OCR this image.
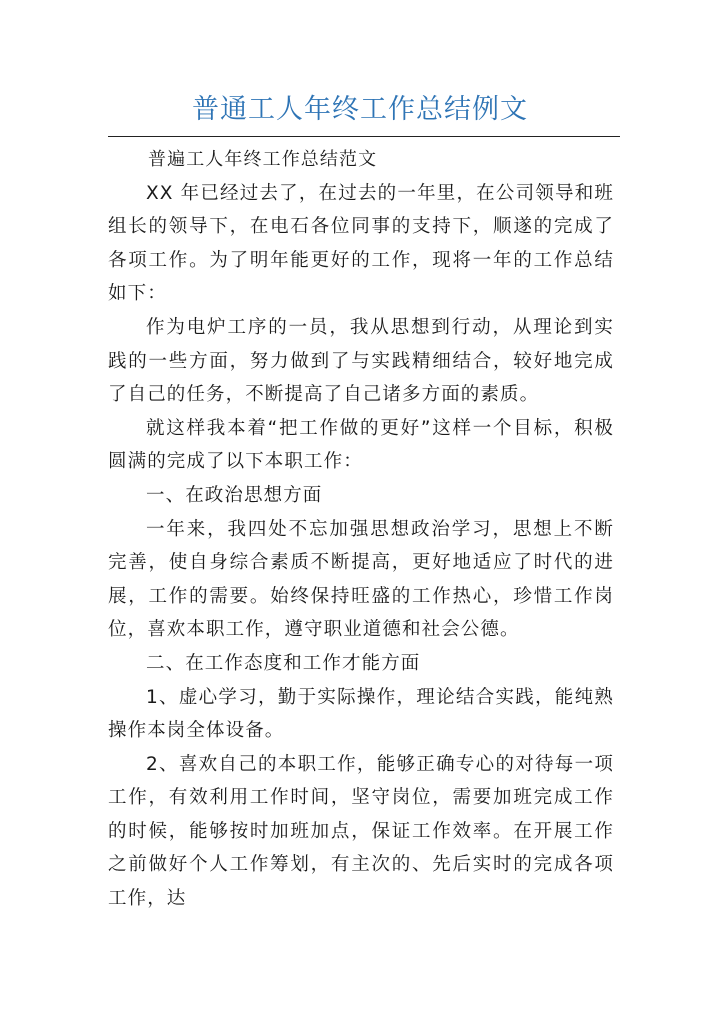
普通工人年终工作总结例文

普遍工人年终工作总结范文

XX 年已经过去了，在过去的一年里，在公司领导和班组长的领导下，在电石各位同事的支持下，顺遂的完成了各项工作。为了明年能更好的工作，现将一年的工作总结如下：

作为电炉工序的一员，我从思想到行动，从理论到实践的一些方面，努力做到了与实践精细结合，较好地完成了自己的任务，不断提高了自己诸多方面的素质。

就这样我本着“把工作做的更好”这样一个目标，积极圆满的完成了以下本职工作：

一、在政治思想方面

一年来，我四处不忘加强思想政治学习，思想上不断完善，使自身综合素质不断提高，更好地适应了时代的进展，工作的需要。始终保持旺盛的工作热心，珍惜工作岗位，喜欢本职工作，遵守职业道德和社会公德。

二、在工作态度和工作才能方面

1、虚心学习，勤于实际操作，理论结合实践，能纯熟操作本岗全体设备。

2、喜欢自己的本职工作，能够正确专心的对待每一项工作，有效利用工作时间，坚守岗位，需要加班完成工作的时候，能够按时加班加点，保证工作效率。在开展工作之前做好个人工作筹划，有主次的、先后实时的完成各项工作，达
